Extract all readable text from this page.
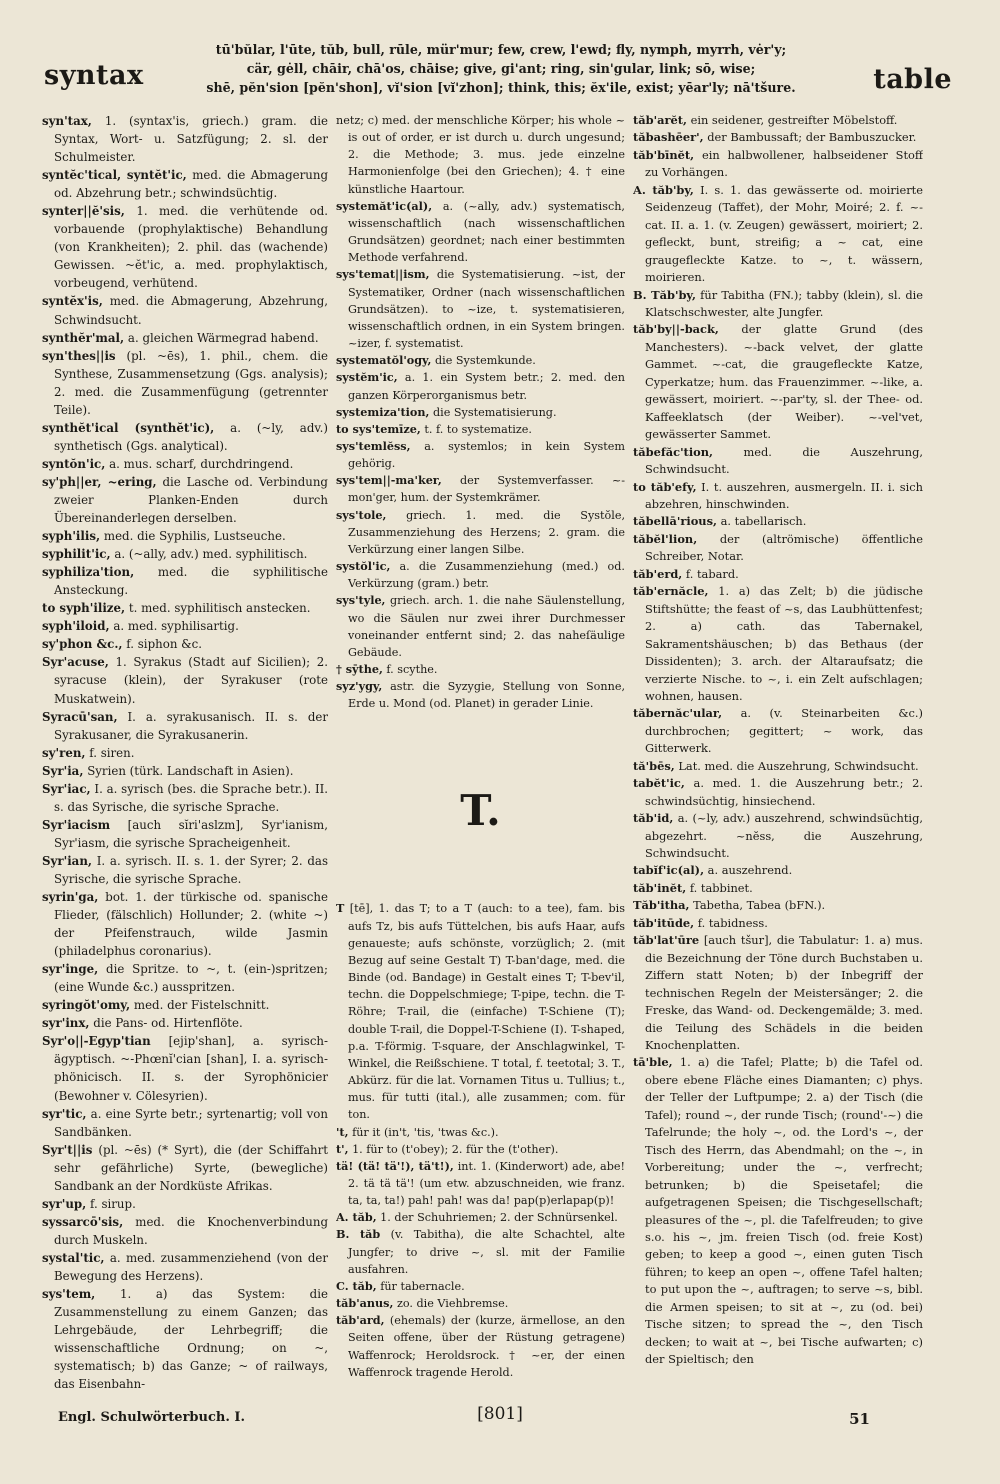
syntax
tū'bŭlar, l'ūte, tŭb, bull, rūle, mür'mur; few, crew, l'ewd; fly, nymph, myrrh, vėr'y;
cär, gėll, chāir, chā'os, chāise; give, gi'ant; ring, sin'gular, link; sō, wise;
shē, pĕn'sion [pĕn'shon], vĭ'sion [vĭ'zhon]; think, this; ĕx'ile, exist; yēar'ly; nā'tšure.	table

syn'tax, 1. (syntax'is, griech.) gram. die Syntax, Wort- u. Satzfügung; 2. sl. der Schulmeister.

syntĕc'tical, syntĕt'ic, med. die Abmagerung od. Abzehrung betr.; schwindsüchtig.

synter||ĕ'sis, 1. med. die verhütende od. vorbauende (prophylaktische) Behandlung (von Krankheiten); 2. phil. das (wachende) Gewissen. ~ĕt'ic, a. med. prophylaktisch, vorbeugend, verhütend.

syntĕx'is, med. die Abmagerung, Abzehrung, Schwindsucht.

synthĕr'mal, a. gleichen Wärmegrad habend.

syn'thes||is (pl. ~ēs), 1. phil., chem. die Synthese, Zusammensetzung (Ggs. analysis); 2. med. die Zusammenfügung (getrennter Teile).

synthĕt'ical (synthĕt'ic), a. (~ly, adv.) synthetisch (Ggs. analytical).

syntŏn'ic, a. mus. scharf, durchdringend.

sy'ph||er, ~ering, die Lasche od. Verbindung zweier Planken-Enden durch Übereinanderlegen derselben.

syph'ilis, med. die Syphilis, Lustseuche.

syphilit'ic, a. (~ally, adv.) med. syphilitisch.

syphiliza'tion, med. die syphilitische Ansteckung.

to syph'ilize, t. med. syphilitisch anstecken.

syph'iloid, a. med. syphilisartig.

sy'phon &c., f. siphon &c.

Syr'acuse, 1. Syrakus (Stadt auf Sicilien); 2. syracuse (klein), der Syrakuser (rote Muskatwein).

Syracū'san, I. a. syrakusanisch. II. s. der Syrakusaner, die Syrakusanerin.

sy'ren, f. siren.

Syr'ia, Syrien (türk. Landschaft in Asien).

Syr'iac, I. a. syrisch (bes. die Sprache betr.). II. s. das Syrische, die syrische Sprache.

Syr'iacism [auch sĭri'aslzm], Syr'ianism, Syr'iasm, die syrische Spracheigenheit.

Syr'ian, I. a. syrisch. II. s. 1. der Syrer; 2. das Syrische, die syrische Sprache.

syrin'ga, bot. 1. der türkische od. spanische Flieder, (fälschlich) Hollunder; 2. (white ~) der Pfeifenstrauch, wilde Jasmin (philadelphus coronarius).

syr'inge, die Spritze. to ~, t. (ein-)spritzen; (eine Wunde &c.) ausspritzen.

syringŏt'omy, med. der Fistelschnitt.

syr'inx, die Pans- od. Hirtenflöte.

Syr'o||-Egyp'tian [ejip'shan], a. syrisch-ägyptisch. ~-Phœnĭ'cian [shan], I. a. syrisch-phönicisch. II. s. der Syrophönicier (Bewohner v. Cölesyrien).

syr'tic, a. eine Syrte betr.; syrtenartig; voll von Sandbänken.

Syr't||is (pl. ~ēs) (* Syrt), die (der Schiffahrt sehr gefährliche) Syrte, (bewegliche) Sandbank an der Nordküste Afrikas.

syr'up, f. sirup.

syssarcō'sis, med. die Knochenverbindung durch Muskeln.

systal'tic, a. med. zusammenziehend (von der Bewegung des Herzens).

sys'tem, 1. a) das System: die Zusammenstellung zu einem Ganzen; das Lehrgebäude, der Lehrbegriff; die wissenschaftliche Ordnung; on ~, systematisch; b) das Ganze; ~ of railways, das Eisenbahn-

netz; c) med. der menschliche Körper; his whole ~ is out of order, er ist durch u. durch ungesund; 2. die Methode; 3. mus. jede einzelne Harmonienfolge (bei den Griechen); 4. † eine künstliche Haartour.

systemăt'ic(al), a. (~ally, adv.) systematisch, wissenschaftlich (nach wissenschaftlichen Grundsätzen) geordnet; nach einer bestimmten Methode verfahrend.

sys'temat||ism, die Systematisierung. ~ist, der Systematiker, Ordner (nach wissenschaftlichen Grundsätzen). to ~ize, t. systematisieren, wissenschaftlich ordnen, in ein System bringen. ~izer, f. systematist.

systematŏl'ogy, die Systemkunde.

systĕm'ic, a. 1. ein System betr.; 2. med. den ganzen Körperorganismus betr.

systemiza'tion, die Systematisierung.

to sys'temīze, t. f. to systematize.

sys'temlĕss, a. systemlos; in kein System gehörig.

sys'tem||-ma'ker, der Systemverfasser. ~-mon'ger, hum. der Systemkrämer.

sys'tole, griech. 1. med. die Systŏle, Zusammenziehung des Herzens; 2. gram. die Verkürzung einer langen Silbe.

systŏl'ic, a. die Zusammenziehung (med.) od. Verkürzung (gram.) betr.

sys'tyle, griech. arch. 1. die nahe Säulenstellung, wo die Säulen nur zwei ihrer Durchmesser voneinander entfernt sind; 2. das naheſäulige Gebäude.

† sȳthe, f. scythe.

syz'ygy, astr. die Syzygie, Stellung von Sonne, Erde u. Mond (od. Planet) in gerader Linie.

T.

T [tē], 1. das T; to a T (auch: to a tee), fam. bis aufs Tz, bis aufs Tüttelchen, bis aufs Haar, aufs genaueste; aufs schönste, vorzüglich; 2. (mit Bezug auf seine Gestalt T) T-ban'dage, med. die Binde (od. Bandage) in Gestalt eines T; T-bev'il, techn. die Doppelschmiege; T-pipe, techn. die T-Röhre; T-rail, die (einfache) T-Schiene (T); double T-rail, die Doppel-T-Schiene (I). T-shaped, p.a. T-förmig. T-square, der Anschlagwinkel, T-Winkel, die Reißschiene. T total, f. teetotal; 3. T., Abkürz. für die lat. Vornamen Titus u. Tullius; t., mus. für tutti (ital.), alle zusammen; com. für ton.

't, für it (in't, 'tis, 'twas &c.).

t', 1. für to (t'obey); 2. für the (t'other).

tä! (tä! tä'!), tä't!), int. 1. (Kinderwort) ade, abe! 2. tä tä tä'! (um etw. abzuschneiden, wie franz. ta, ta, ta!) pah! pah! was da! pap(p)erlapap(p)!

A. tăb, 1. der Schuhriemen; 2. der Schnürsenkel.

B. tăb (v. Tabitha), die alte Schachtel, alte Jungfer; to drive ~, sl. mit der Familie ausfahren.

C. tăb, für tabernacle.

tăb'anus, zo. die Viehbremse.

tăb'ard, (ehemals) der (kurze, ärmellose, an den Seiten offene, über der Rüstung getragene) Waffenrock; Heroldsrock. † ~er, der einen Waffenrock tragende Herold.

tăb'arĕt, ein seidener, gestreifter Möbelstoff.

tăbashēer', der Bambussaft; der Bambuszucker.

tăb'bīnĕt, ein halbwollener, halbseidener Stoff zu Vorhängen.

A. tăb'by, I. s. 1. das gewässerte od. moirierte Seidenzeug (Taffet), der Mohr, Moiré; 2. f. ~-cat. II. a. 1. (v. Zeugen) gewässert, moiriert; 2. gefleckt, bunt, streifig; a ~ cat, eine graugefleckte Katze. to ~, t. wässern, moirieren.

B. Tăb'by, für Tabitha (FN.); tabby (klein), sl. die Klatschschwester, alte Jungfer.

tăb'by||-back, der glatte Grund (des Manchesters). ~-back velvet, der glatte Gammet. ~-cat, die graugefleckte Katze, Cyperkatze; hum. das Frauenzimmer. ~-like, a. gewässert, moiriert. ~-par'ty, sl. der Thee- od. Kaffeeklatsch (der Weiber). ~-vel'vet, gewässerter Sammet.

tăbefăc'tion,	med. die Auszehrung, Schwindsucht.

to tăb'efy, I. t. auszehren, ausmergeln. II. i. sich abzehren, hinschwinden.

tăbellā'rious, a. tabellarisch.

tăbĕl'lion, der (altrömische) öffentliche Schreiber, Notar.

tăb'erd, f. tabard.

tăb'ernăcle, 1. a) das Zelt; b) die jüdische Stiftshütte; the feast of ~s, das Laubhüttenfest; 2. a) cath. das Tabernakel, Sakramentshäuschen; b) das Bethaus (der Dissidenten); 3. arch. der Altaraufsatz; die verzierte Nische. to ~, i. ein Zelt aufschlagen; wohnen, hausen.

tăbernăc'ular, a. (v. Steinarbeiten &c.) durchbrochen; gegittert; ~ work, das Gitterwerk.

tă'bēs, Lat. med. die Auszehrung, Schwindsucht.

tabĕt'ic, a. med. 1. die Auszehrung betr.; 2. schwindsüchtig, hinsiechend.

tăb'id, a. (~ly, adv.) auszehrend, schwindsüchtig, abgezehrt. ~nĕss, die Auszehrung, Schwindsucht.

tabĭf'ic(al), a. auszehrend.

tăb'inĕt, f. tabbinet.

Tăb'itha, Tabetha, Tabea (bFN.).

tăb'itūde, f. tabidness.

tăb'lat'ūre [auch tšur], die Tabulatur: 1. a) mus. die Bezeichnung der Töne durch Buchstaben u. Ziffern statt Noten; b) der Inbegriff der technischen Regeln der Meistersänger; 2. die Freske, das Wand- od. Deckengemälde; 3. med. die Teilung des Schädels in die beiden Knochenplatten.

tā'ble, 1. a) die Tafel; Platte; b) die Tafel od. obere ebene Fläche eines Diamanten; c) phys. der Teller der Luftpumpe; 2. a) der Tisch (die Tafel); round ~, der runde Tisch; (round'-~) die Tafelrunde; the holy ~, od. the Lord's ~, der Tisch des Herrn, das Abendmahl; on the ~, in Vorbereitung; under the ~, verfrecht; betrunken; b) die Speisetafel; die aufgetragenen Speisen; die Tischgesellschaft; pleasures of the ~, pl. die Tafelfreuden; to give s.o. his ~, jm. freien Tisch (od. freie Kost) geben; to keep a good ~, einen guten Tisch führen; to keep an open ~, offene Tafel halten; to put upon the ~, auftragen; to serve ~s, bibl. die Armen speisen; to sit at ~, zu (od. bei) Tische sitzen; to spread the ~, den Tisch decken; to wait at ~, bei Tische aufwarten; c) der Spieltisch; den

Engl. Schulwörterbuch. I.	[801]	51
